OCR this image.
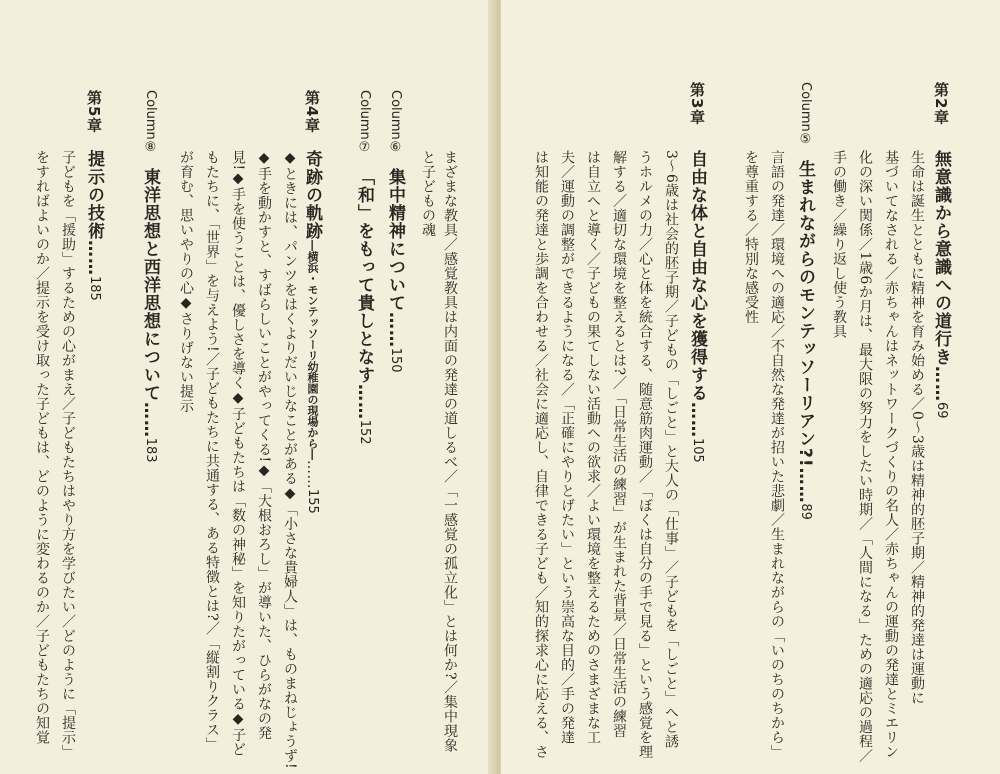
まざまな教具／感覚教具は内面の発達の道しるべ／「一感覚の孤立化」とは何か?／集中現象
と子どもの魂
Column⑥ 集中精神について……150
Column⑦ 「和」をもって貴しとなす……152
第4章
奇跡の軌跡―横浜・モンテッソーリ幼稚園の現場から―……155
◆ときには、パンツをはくよりだいじなことがある◆「小さな貴婦人」は、ものまねじょうず!
◆手を動かすと、すばらしいことがやってくる!◆「大根おろし」が導いた、ひらがなの発
見!◆手を使うことは、優しさを導く◆子どもたちは「数の神秘」を知りたがっている◆子ど
もたちに、「世界」を与えよう!／子どもたちに共通する、ある特徴とは?／「縦割りクラス」
が育む、思いやりの心◆さりげない提示
Column⑧ 東洋思想と西洋思想について……183
第5章
提示の技術……185
子どもを「援助」するための心がまえ／子どもたちはやり方を学びたい／どのように「提示」
をすればよいのか／提示を受け取った子どもは、どのように変わるのか／子どもたちの知覚
第2章
無意識から意識への道行き……69
生命は誕生とともに精神を育み始める／0～3歳は精神的胚子期／精神的発達は運動に
基づいてなされる／赤ちゃんはネットワークづくりの名人／赤ちゃんの運動の発達とミエリン
化の深い関係／1歳6か月は、最大限の努力をしたい時期／「人間になる」ための適応の過程／
手の働き／繰り返し使う教具
Column⑤ 生まれながらのモンテッソーリアン?!……89
言語の発達／環境への適応／不自然な発達が招いた悲劇／生まれながらの「いのちのちから」
を尊重する／特別な感受性
第3章
自由な体と自由な心を獲得する……105
3～6歳は社会的胚子期／子どもの「しごと」と大人の「仕事」／子どもを「しごと」へと誘
うホルメの力／心と体を統合する、随意筋肉運動／「ぼくは自分の手で見る」という感覚を理
解する／適切な環境を整えるとは?／「日常生活の練習」が生まれた背景／日常生活の練習
は自立へと導く／子どもの果てしない活動への欲求／よい環境を整えるためのさまざまな工
夫／運動の調整ができるようになる／「正確にやりとげたい」という崇高な目的／手の発達
は知能の発達と歩調を合わせる／社会に適応し、自律できる子ども／知的探求心に応える、さ
